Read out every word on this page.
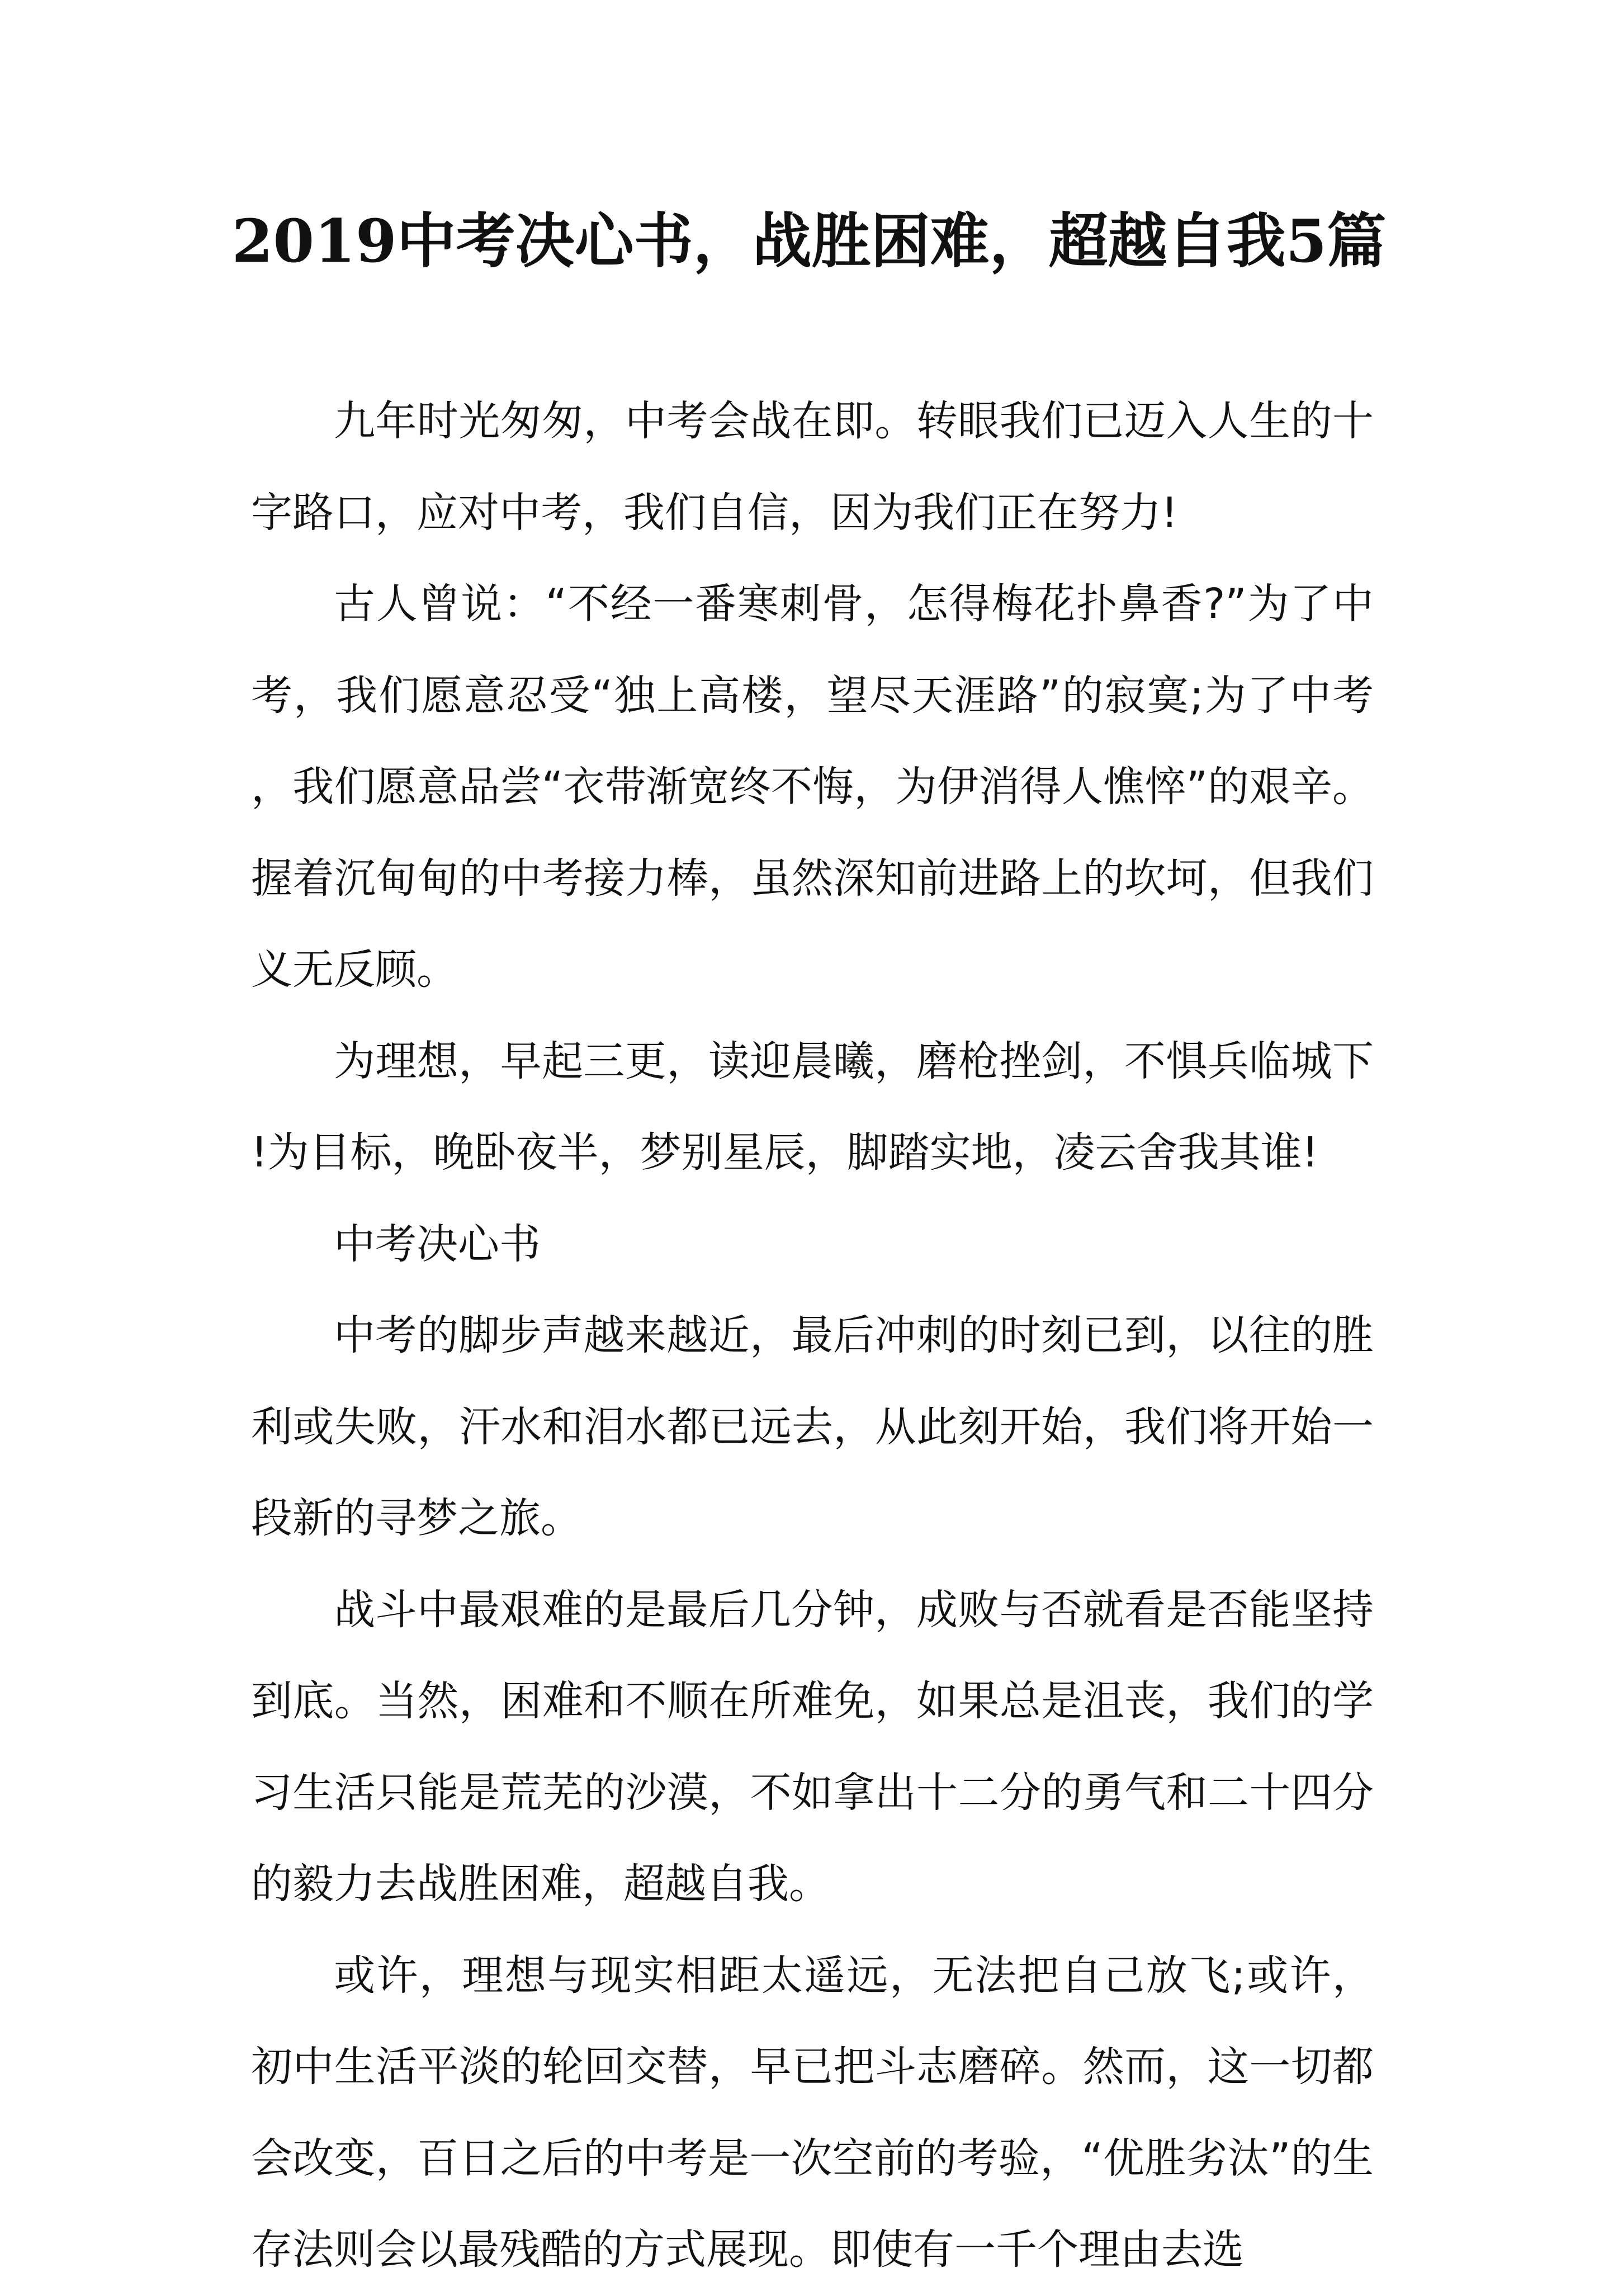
2019中考决心书，战胜困难，超越自我5篇

九年时光匆匆，中考会战在即。转眼我们已迈入人生的十字路口，应对中考，我们自信，因为我们正在努力!

古人曾说：“不经一番寒刺骨，怎得梅花扑鼻香?”为了中考，我们愿意忍受“独上高楼，望尽天涯路”的寂寞;为了中考，我们愿意品尝“衣带渐宽终不悔，为伊消得人憔悴”的艰辛。握着沉甸甸的中考接力棒，虽然深知前进路上的坎坷，但我们义无反顾。

为理想，早起三更，读迎晨曦，磨枪挫剑，不惧兵临城下!为目标，晚卧夜半，梦别星辰，脚踏实地，凌云舍我其谁!

中考决心书

中考的脚步声越来越近，最后冲刺的时刻已到，以往的胜利或失败，汗水和泪水都已远去，从此刻开始，我们将开始一段新的寻梦之旅。

战斗中最艰难的是最后几分钟，成败与否就看是否能坚持到底。当然，困难和不顺在所难免，如果总是沮丧，我们的学习生活只能是荒芜的沙漠，不如拿出十二分的勇气和二十四分的毅力去战胜困难，超越自我。

或许，理想与现实相距太遥远，无法把自己放飞;或许，初中生活平淡的轮回交替，早已把斗志磨碎。然而，这一切都会改变，百日之后的中考是一次空前的考验，“优胜劣汰”的生存法则会以最残酷的方式展现。即使有一千个理由去选
